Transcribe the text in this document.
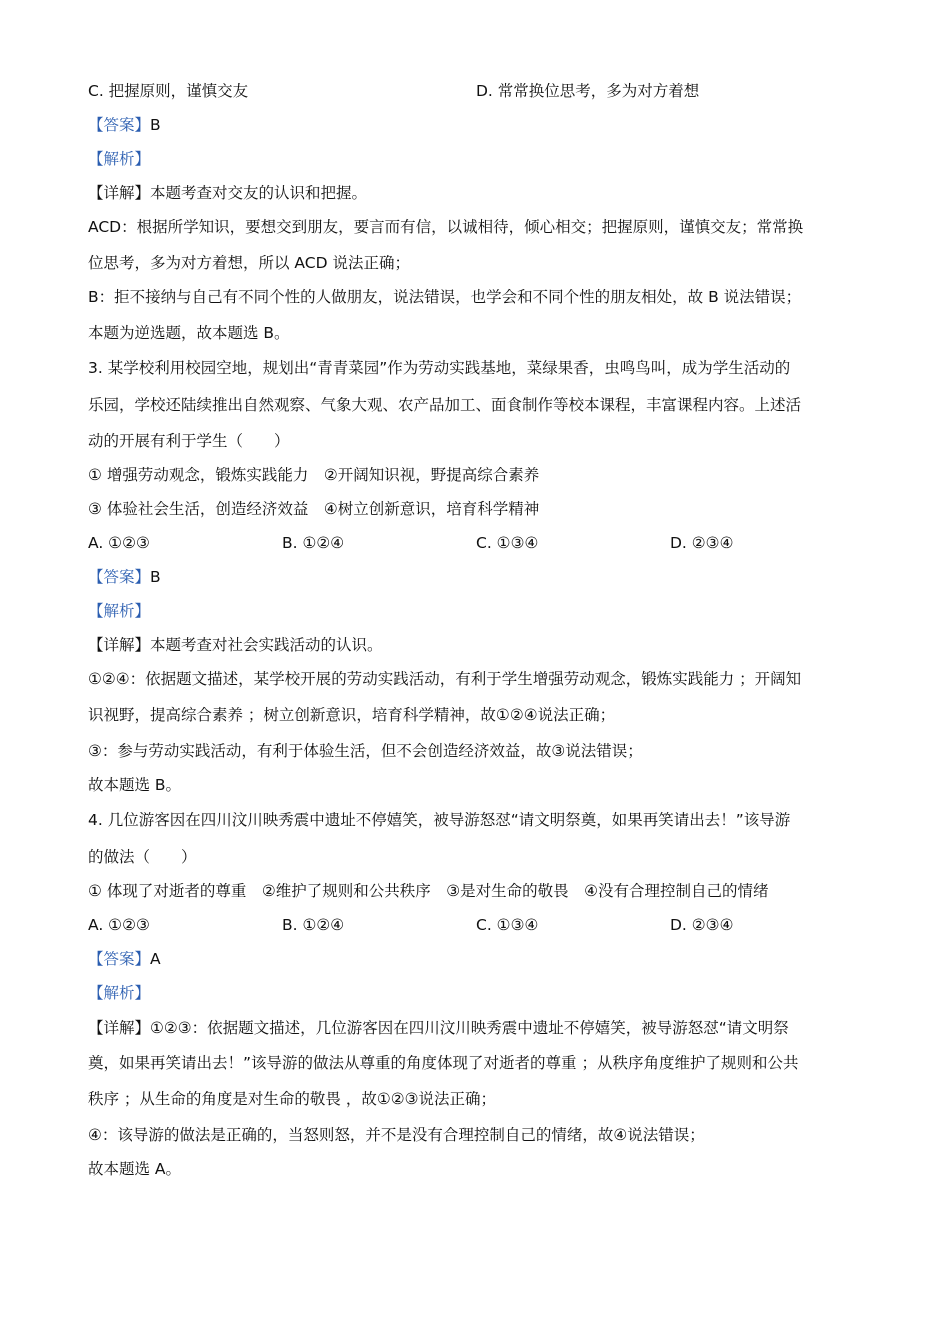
C. 把握原则，谨慎交友	D. 常常换位思考，多为对方着想
【答案】B
【解析】
【详解】本题考查对交友的认识和把握。
ACD：根据所学知识，要想交到朋友，要言而有信，以诚相待，倾心相交；把握原则，谨慎交友；常常换
位思考，多为对方着想，所以 ACD 说法正确；
B：拒不接纳与自己有不同个性的人做朋友，说法错误，也学会和不同个性的朋友相处，故 B 说法错误；
本题为逆选题，故本题选 B。
3. 某学校利用校园空地，规划出“青青菜园”作为劳动实践基地，菜绿果香，虫鸣鸟叫，成为学生活动的
乐园，学校还陆续推出自然观察、气象大观、农产品加工、面食制作等校本课程，丰富课程内容。上述活
动的开展有利于学生（　　）
① 增强劳动观念，锻炼实践能力　②开阔知识视，野提高综合素养
③ 体验社会生活，创造经济效益　④树立创新意识，培育科学精神
A. ①②③	B. ①②④	C. ①③④	D. ②③④
【答案】B
【解析】
【详解】本题考查对社会实践活动的认识。
①②④：依据题文描述，某学校开展的劳动实践活动，有利于学生增强劳动观念，锻炼实践能力 ；开阔知
识视野，提高综合素养 ；树立创新意识，培育科学精神，故①②④说法正确；
③：参与劳动实践活动，有利于体验生活，但不会创造经济效益，故③说法错误；
故本题选 B。
4. 几位游客因在四川汶川映秀震中遗址不停嬉笑，被导游怒怼“请文明祭奠，如果再笑请出去！”该导游
的做法（　　）
① 体现了对逝者的尊重　②维护了规则和公共秩序　③是对生命的敬畏　④没有合理控制自己的情绪
A. ①②③	B. ①②④	C. ①③④	D. ②③④
【答案】A
【解析】
【详解】①②③：依据题文描述，几位游客因在四川汶川映秀震中遗址不停嬉笑，被导游怒怼“请文明祭
奠，如果再笑请出去！”该导游的做法从尊重的角度体现了对逝者的尊重 ；从秩序角度维护了规则和公共
秩序 ；从生命的角度是对生命的敬畏 ，故①②③说法正确；
④：该导游的做法是正确的，当怒则怒，并不是没有合理控制自己的情绪，故④说法错误；
故本题选 A。
